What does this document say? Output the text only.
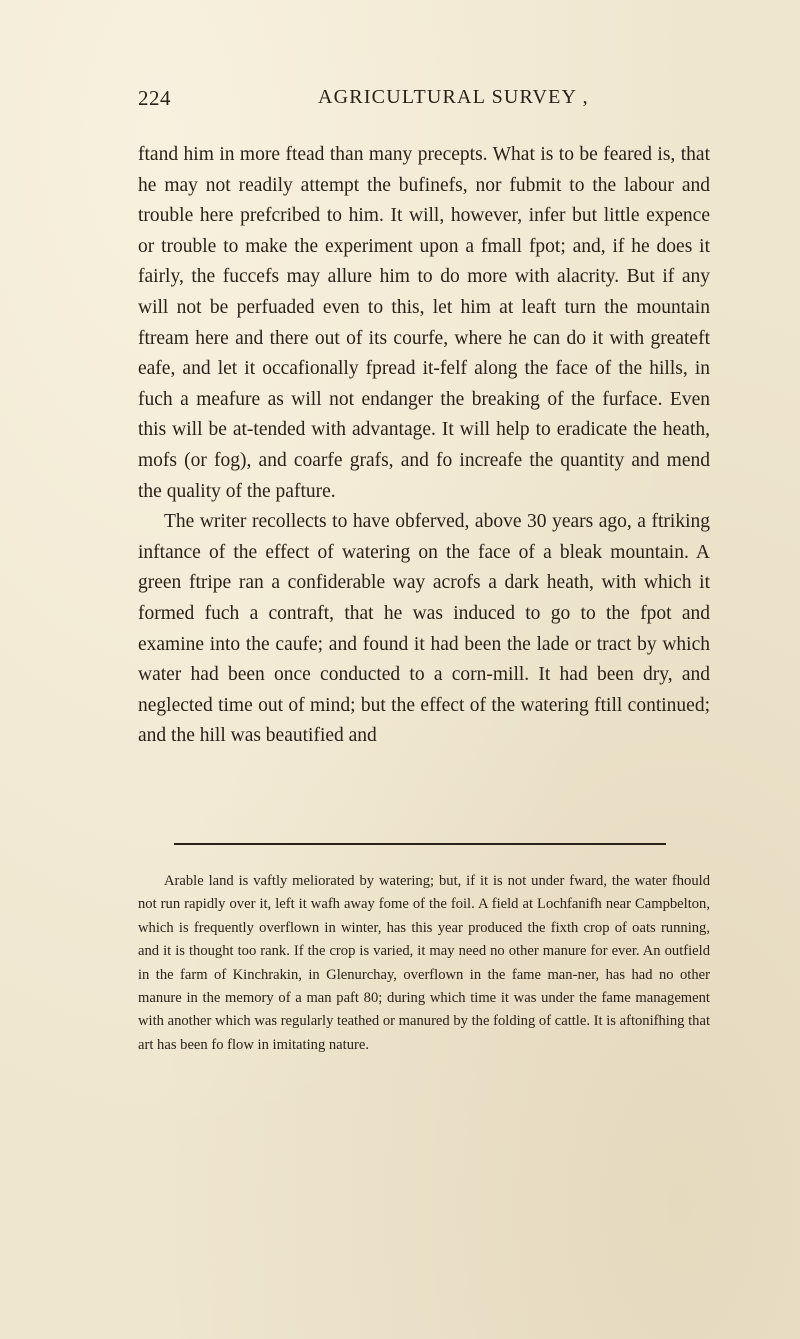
224	AGRICULTURAL SURVEY ,

ftand him in more ftead than many precepts. What is to be feared is, that he may not readily attempt the bufinefs, nor fubmit to the labour and trouble here prefcribed to him. It will, however, infer but little expence or trouble to make the experiment upon a fmall fpot; and, if he does it fairly, the fuccefs may allure him to do more with alacrity. But if any will not be perfuaded even to this, let him at leaft turn the mountain ftream here and there out of its courfe, where he can do it with greateft eafe, and let it occafionally fpread it-felf along the face of the hills, in fuch a meafure as will not endanger the breaking of the furface. Even this will be at-tended with advantage. It will help to eradicate the heath, mofs (or fog), and coarfe grafs, and fo increafe the quantity and mend the quality of the pafture.

The writer recollects to have obferved, above 30 years ago, a ftriking inftance of the effect of watering on the face of a bleak mountain. A green ftripe ran a confiderable way acrofs a dark heath, with which it formed fuch a contraft, that he was induced to go to the fpot and examine into the caufe; and found it had been the lade or tract by which water had been once conducted to a corn-mill. It had been dry, and neglected time out of mind; but the effect of the watering ftill continued; and the hill was beautified and

Arable land is vaftly meliorated by watering; but, if it is not under fward, the water fhould not run rapidly over it, left it wafh away fome of the foil. A field at Lochfanifh near Campbelton, which is frequently overflown in winter, has this year produced the fixth crop of oats running, and it is thought too rank. If the crop is varied, it may need no other manure for ever. An outfield in the farm of Kinchrakin, in Glenurchay, overflown in the fame man-ner, has had no other manure in the memory of a man paft 80; during which time it was under the fame management with another which was regularly teathed or manured by the folding of cattle. It is aftonifhing that art has been fo flow in imitating nature.
